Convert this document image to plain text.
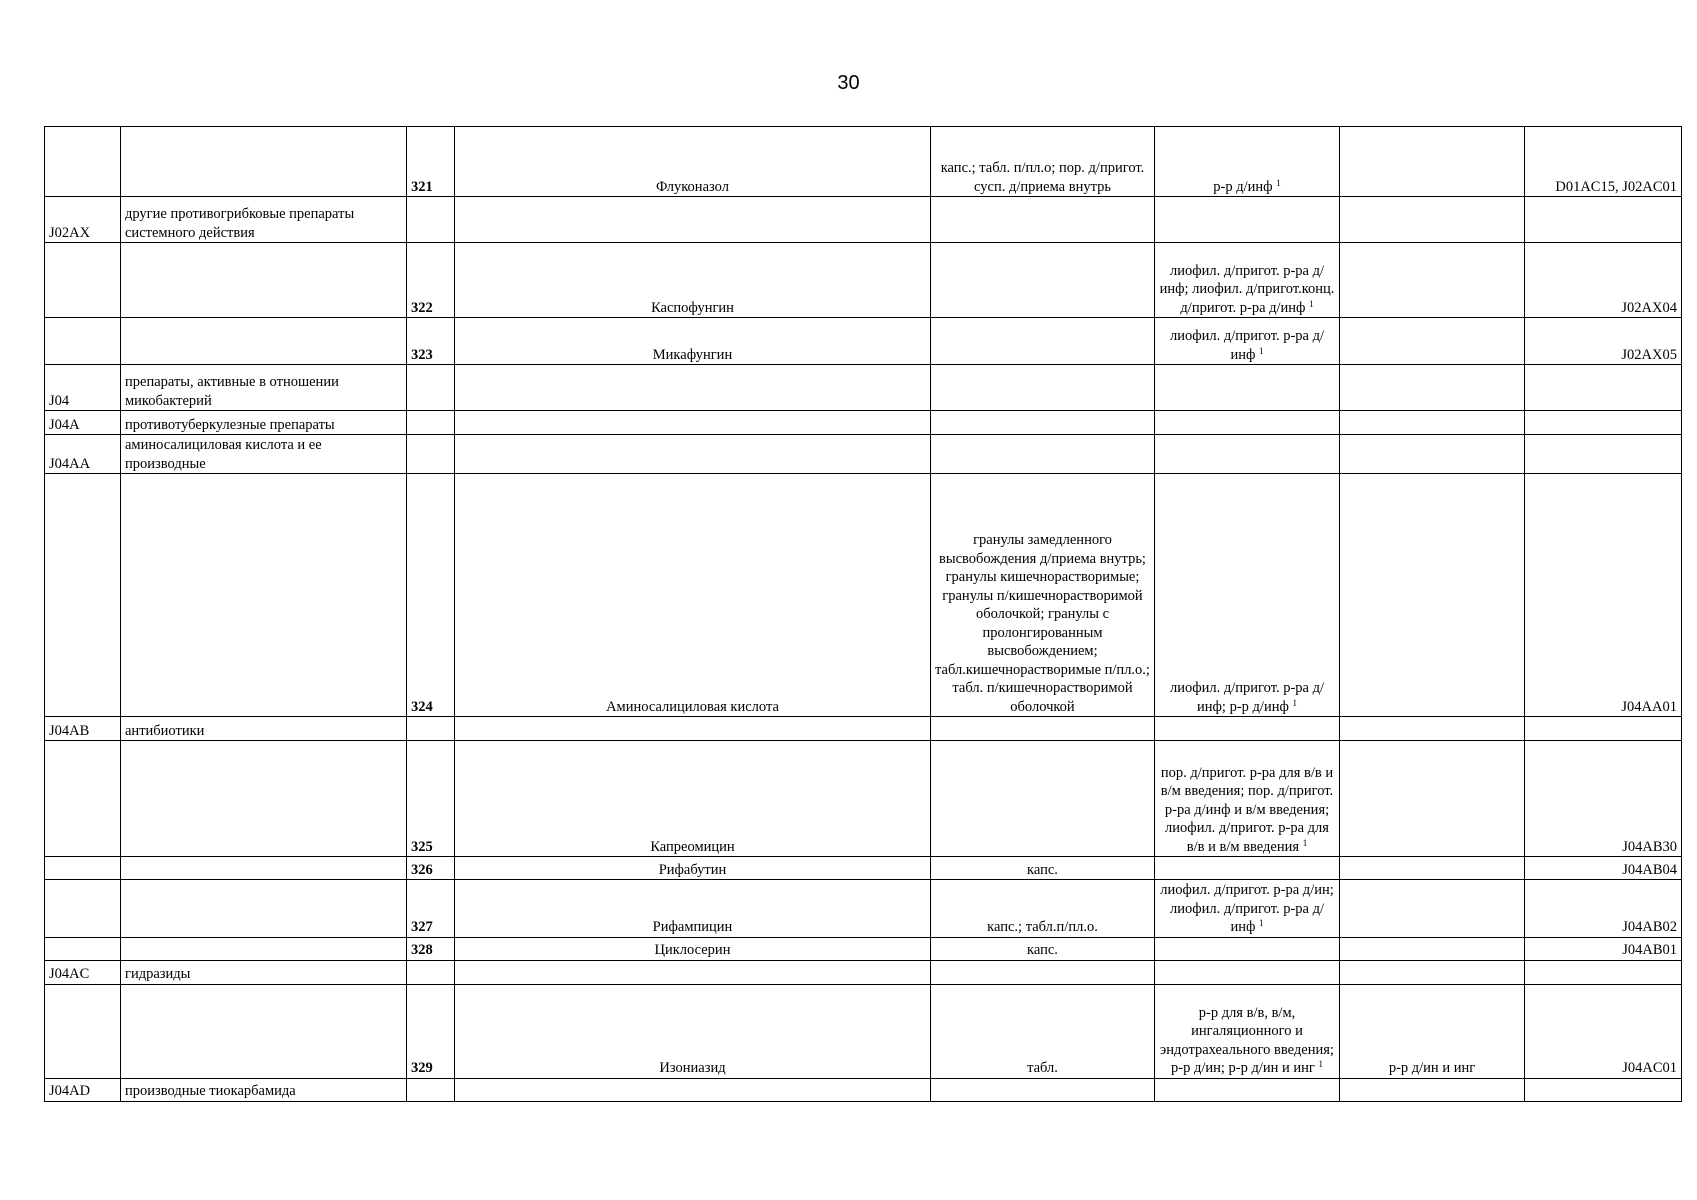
30
		321	Флуконазол	капс.; табл. п/пл.о; пор. д/пригот. сусп. д/приема внутрь	р-р д/инф $^1$		D01AC15, J02AC01
J02AX	другие противогрибковые препараты системного действия						
		322	Каспофунгин		лиофил. д/пригот. р-ра д/инф; лиофил. д/пригот.конц. д/пригот. р-ра д/инф $^1$		J02AX04
		323	Микафунгин		лиофил. д/пригот. р-ра д/инф $^1$		J02AX05
J04	препараты, активные в отношении микобактерий						
J04A	противотуберкулезные препараты						
J04AA	аминосалициловая кислота и ее производные						
		324	Аминосалициловая кислота	гранулы замедленного высвобождения д/приема внутрь; гранулы кишечнорастворимые; гранулы п/кишечнорастворимой оболочкой; гранулы с пролонгированным высвобождением; табл.кишечнорастворимые п/пл.о.; табл. п/кишечнорастворимой оболочкой	лиофил. д/пригот. р-ра д/инф; р-р д/инф $^1$		J04AA01
J04AB	антибиотики						
		325	Капреомицин		пор. д/пригот. р-ра для в/в и в/м введения; пор. д/пригот. р-ра д/инф и в/м введения; лиофил. д/пригот. р-ра для в/в и в/м введения $^1$		J04AB30
		326	Рифабутин	капс.			J04AB04
		327	Рифампицин	капс.; табл.п/пл.о.	лиофил. д/пригот. р-ра д/ин; лиофил. д/пригот. р-ра д/инф $^1$		J04AB02
		328	Циклосерин	капс.			J04AB01
J04AC	гидразиды						
		329	Изониазид	табл.	р-р для в/в, в/м, ингаляционного и эндотрахеального введения; р-р д/ин; р-р д/ин и инг $^1$	р-р д/ин и инг	J04AC01
J04AD	производные тиокарбамида						
